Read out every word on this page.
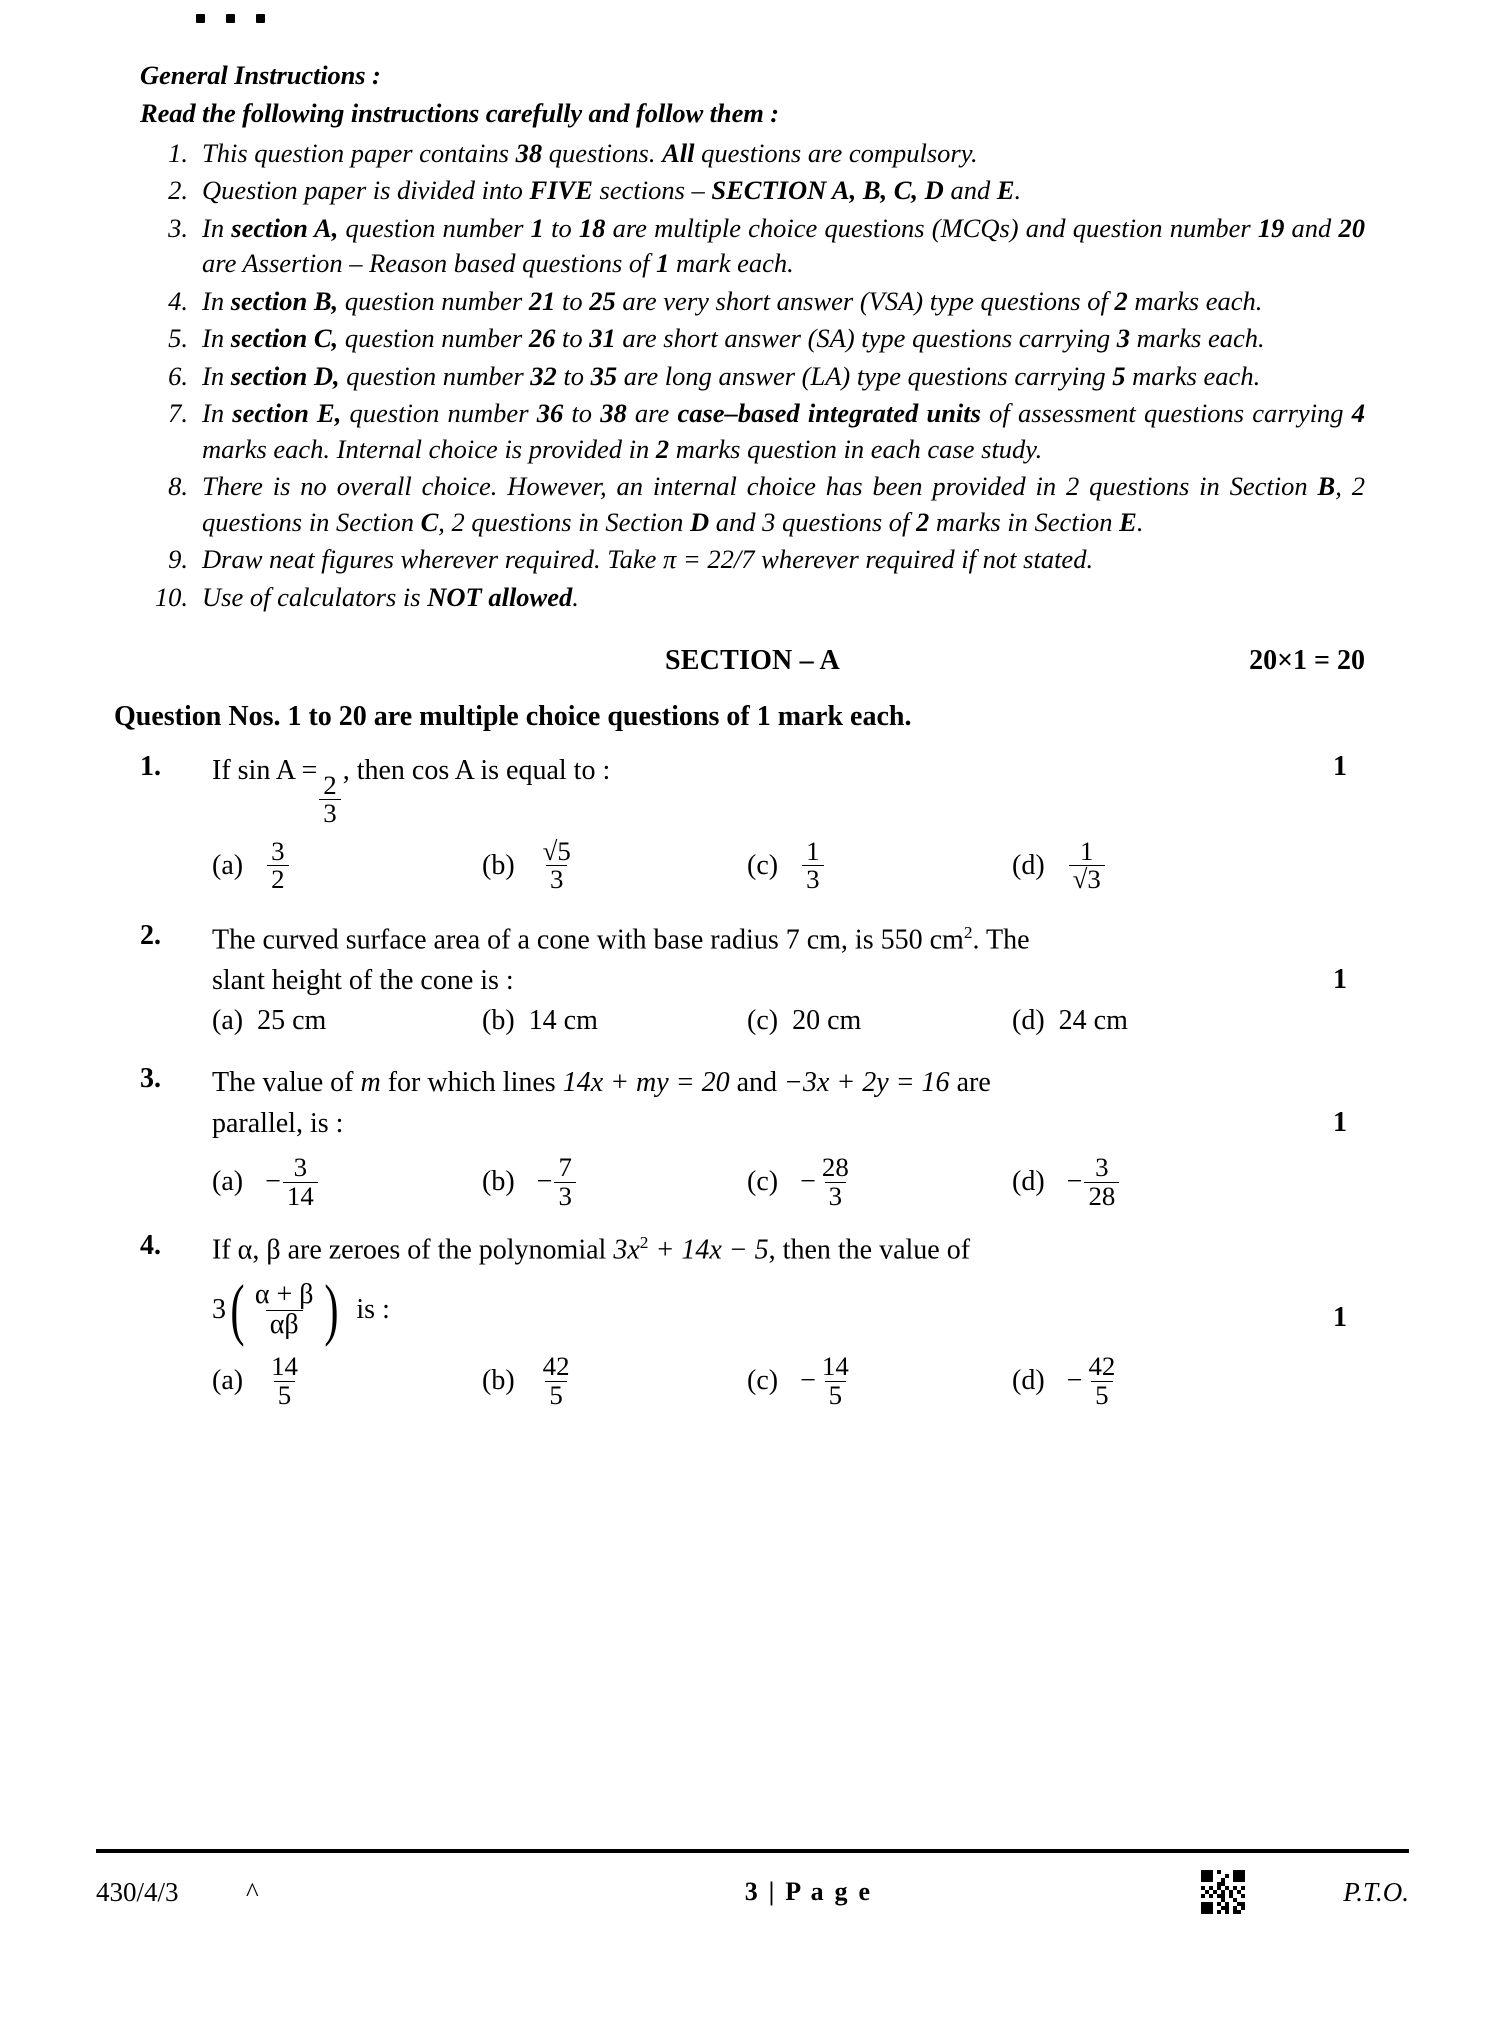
General Instructions :
Read the following instructions carefully and follow them :
1. This question paper contains 38 questions. All questions are compulsory.
2. Question paper is divided into FIVE sections – SECTION A, B, C, D and E.
3. In section A, question number 1 to 18 are multiple choice questions (MCQs) and question number 19 and 20 are Assertion – Reason based questions of 1 mark each.
4. In section B, question number 21 to 25 are very short answer (VSA) type questions of 2 marks each.
5. In section C, question number 26 to 31 are short answer (SA) type questions carrying 3 marks each.
6. In section D, question number 32 to 35 are long answer (LA) type questions carrying 5 marks each.
7. In section E, question number 36 to 38 are case–based integrated units of assessment questions carrying 4 marks each. Internal choice is provided in 2 marks question in each case study.
8. There is no overall choice. However, an internal choice has been provided in 2 questions in Section B, 2 questions in Section C, 2 questions in Section D and 3 questions of 2 marks in Section E.
9. Draw neat figures wherever required. Take π = 22/7 wherever required if not stated.
10. Use of calculators is NOT allowed.
SECTION – A	20×1 = 20
Question Nos. 1 to 20 are multiple choice questions of 1 mark each.
1
1.	If sin A =
$\frac{2}{3}$
, then cos A is equal to :
$(a) \frac{3}{2}$	$(b) \frac{√5}{3}$	$(c) \frac{1}{3}$	$(d) \frac{1}{√3}$
1
2.	The curved surface area of a cone with base radius 7 cm, is 550 $cm^2$. The
slant height of the cone is :
(a) 25 cm	(b) 14 cm	(c) 20 cm	(d) 24 cm
1
3.	The value of m for which lines 14x + my = 20 and −3x + 2y = 16 are
parallel, is :
$(a) - \frac{3}{14}$	$(b) - \frac{7}{3}$	$(c) - \frac{28}{3}$	$(d) - \frac{3}{28}$
1
4.	If α, β are zeroes of the polynomial $3x^2 + 14x - 5$, then the value of
3 ( $\frac{\alpha + \beta}{\alpha\beta}$ ) is :
$(a) \frac{14}{5}$	$(b) \frac{42}{5}$	$(c) - \frac{14}{5}$	$(d) - \frac{42}{5}$
430/4/3	^	3 | P a g e	P.T.O.
